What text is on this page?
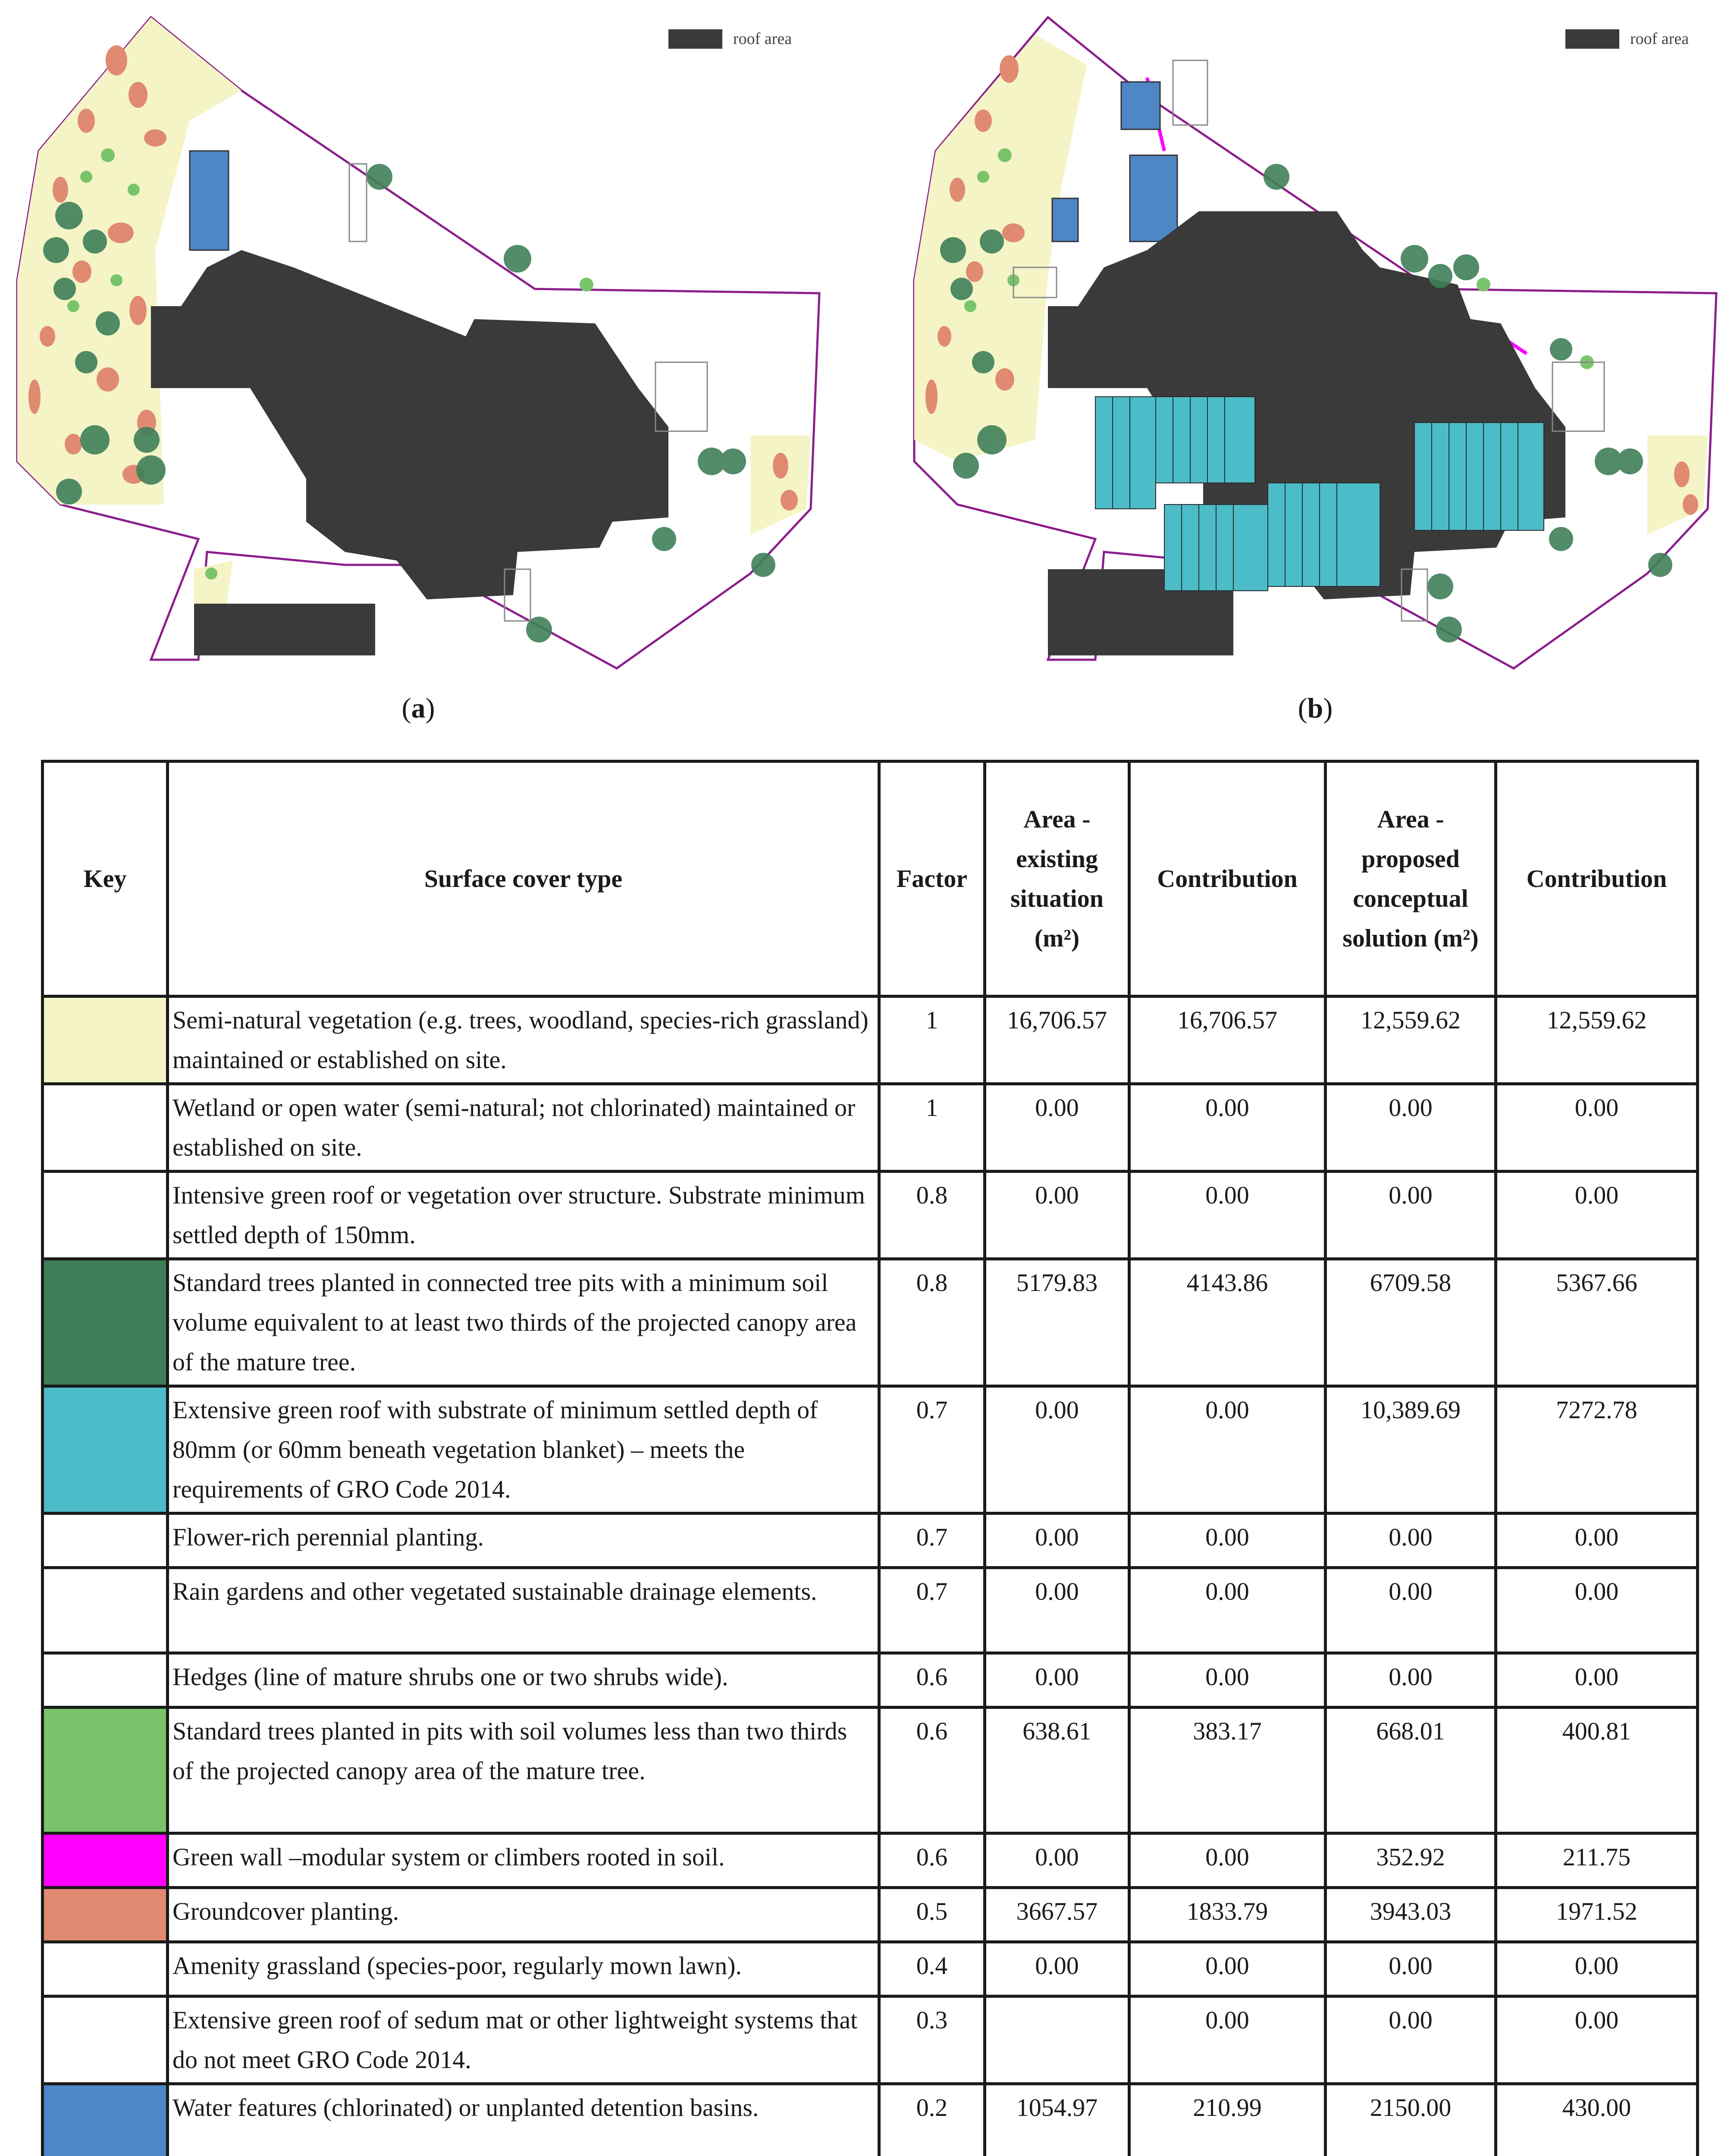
roof area	roof area
(a)	(b)
Key	Surface cover type	Factor	Area - existing situation (m²)	Contribution	Area - proposed conceptual solution (m²)	Contribution
	Semi-natural vegetation (e.g. trees, woodland, species-rich grassland) maintained or established on site.	1	16,706.57	16,706.57	12,559.62	12,559.62
	Wetland or open water (semi-natural; not chlorinated) maintained or established on site.	1	0.00	0.00	0.00	0.00
	Intensive green roof or vegetation over structure. Substrate minimum settled depth of 150mm.	0.8	0.00	0.00	0.00	0.00
	Standard trees planted in connected tree pits with a minimum soil volume equivalent to at least two thirds of the projected canopy area of the mature tree.	0.8	5179.83	4143.86	6709.58	5367.66
	Extensive green roof with substrate of minimum settled depth of 80mm (or 60mm beneath vegetation blanket) – meets the requirements of GRO Code 2014.	0.7	0.00	0.00	10,389.69	7272.78
	Flower-rich perennial planting.	0.7	0.00	0.00	0.00	0.00
	Rain gardens and other vegetated sustainable drainage elements.	0.7	0.00	0.00	0.00	0.00
	Hedges (line of mature shrubs one or two shrubs wide).	0.6	0.00	0.00	0.00	0.00
	Standard trees planted in pits with soil volumes less than two thirds of the projected canopy area of the mature tree.	0.6	638.61	383.17	668.01	400.81
	Green wall –modular system or climbers rooted in soil.	0.6	0.00	0.00	352.92	211.75
	Groundcover planting.	0.5	3667.57	1833.79	3943.03	1971.52
	Amenity grassland (species-poor, regularly mown lawn).	0.4	0.00	0.00	0.00	0.00
	Extensive green roof of sedum mat or other lightweight systems that do not meet GRO Code 2014.	0.3		0.00	0.00	0.00
	Water features (chlorinated) or unplanted detention basins.	0.2	1054.97	210.99	2150.00	430.00
